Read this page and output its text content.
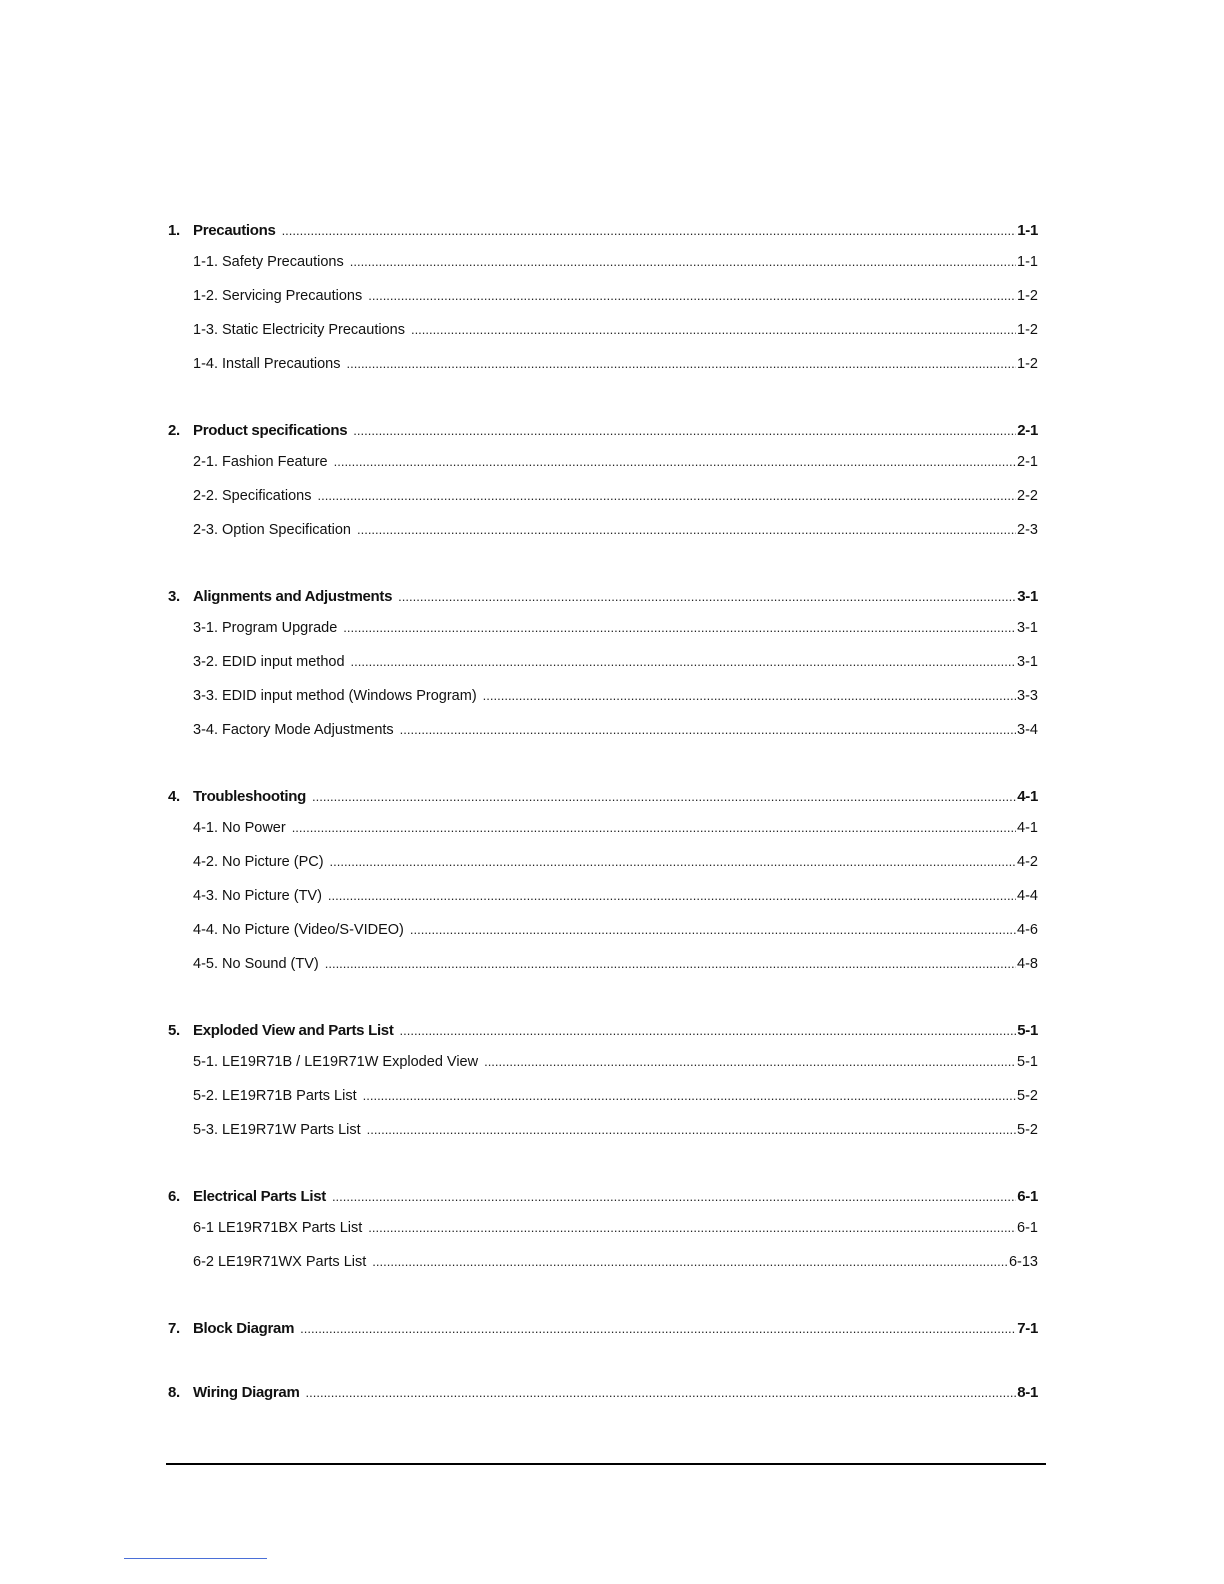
1. Precautions .....	1-1
1-1. Safety Precautions .....	1-1
1-2. Servicing Precautions .....	1-2
1-3. Static Electricity Precautions .....	1-2
1-4. Install Precautions .....	1-2
2. Product specifications .....	2-1
2-1. Fashion Feature .....	2-1
2-2. Specifications .....	2-2
2-3. Option Specification .....	2-3
3. Alignments and Adjustments .....	3-1
3-1. Program Upgrade .....	3-1
3-2. EDID input method .....	3-1
3-3. EDID input method (Windows Program) .....	3-3
3-4. Factory Mode Adjustments .....	3-4
4. Troubleshooting .....	4-1
4-1. No Power .....	4-1
4-2. No Picture (PC) .....	4-2
4-3. No Picture (TV) .....	4-4
4-4. No Picture (Video/S-VIDEO) .....	4-6
4-5. No Sound (TV) .....	4-8
5. Exploded View and Parts List .....	5-1
5-1. LE19R71B / LE19R71W Exploded View .....	5-1
5-2. LE19R71B Parts List .....	5-2
5-3. LE19R71W Parts List .....	5-2
6. Electrical Parts List .....	6-1
6-1 LE19R71BX Parts List .....	6-1
6-2 LE19R71WX Parts List .....	6-13
7. Block Diagram .....	7-1
8. Wiring Diagram .....	8-1
